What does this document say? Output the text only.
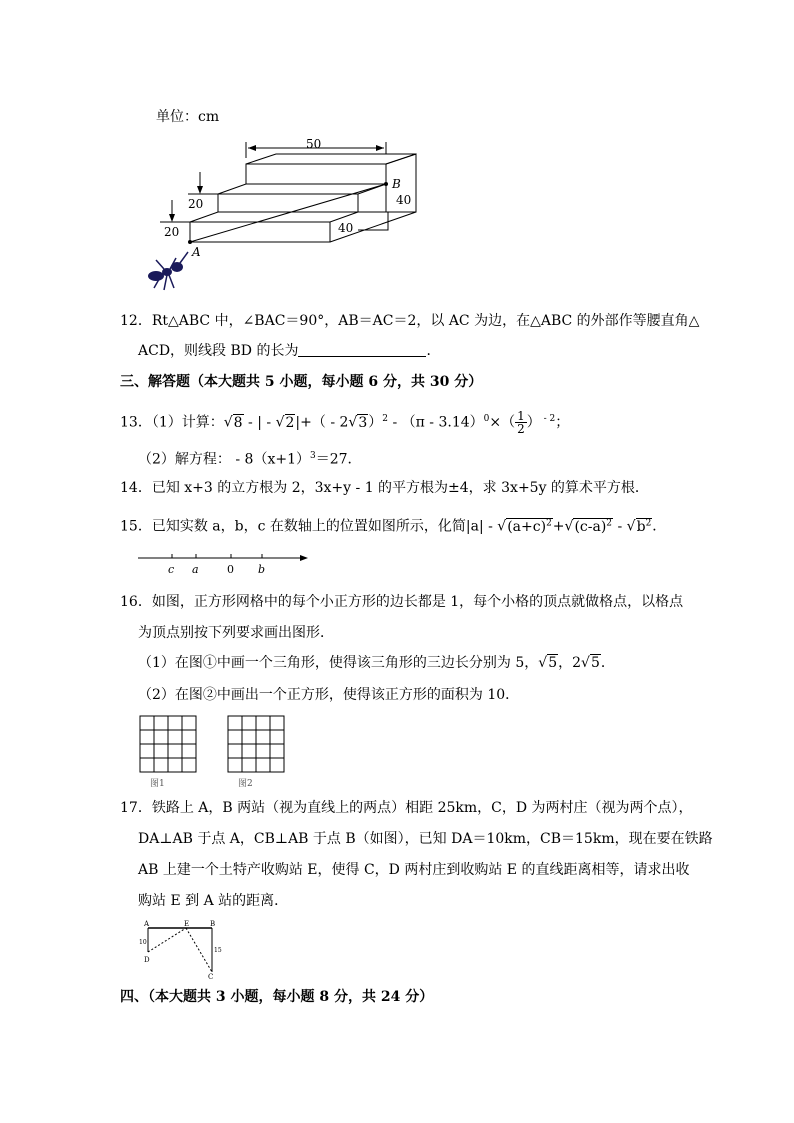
单位：cm
50
B
A
40
40
20
20
12．Rt△ABC 中，∠BAC＝90°，AB＝AC＝2，以 AC 为边，在△ABC 的外部作等腰直角△
ACD，则线段 BD 的长为	．
三、解答题（本大题共 5 小题，每小题 6 分，共 30 分）
13．（1）计算：√8 - | - $√2|+( - 2√3)^2 - (\pi - 3.14)^0\times( \frac{1}{2}$ ） $^{- 2}$；
（2）解方程： - $8(x+1)^3=27$．
14．已知 x+3 的立方根为 2，3x+y - 1 的平方根为±4，求 3x+5y 的算术平方根．
15．已知实数 a，b，c 在数轴上的位置如图所示，化简$|a| - √(a+c)^2+√(c-a)^2 - √b^2$．
c a	0 b
16．如图，正方形网格中的每个小正方形的边长都是 1，每个小格的顶点就做格点，以格点
为顶点别按下列要求画出图形．
（1）在图①中画一个三角形，使得该三角形的三边长分别为 5，√5，2√5．
（2）在图②中画出一个正方形，使得该正方形的面积为 10．
图1	图2
17．铁路上 A，B 两站（视为直线上的两点）相距 25km，C，D 为两村庄（视为两个点），
DA⊥AB 于点 A，CB⊥AB 于点 B（如图），已知 DA＝10km，CB＝15km，现在要在铁路
AB 上建一个土特产收购站 E，使得 C，D 两村庄到收购站 E 的直线距离相等，请求出收
购站 E 到 A 站的距离．
A	E	B
D
C
10
15
四、（本大题共 3 小题，每小题 8 分，共 24 分）
